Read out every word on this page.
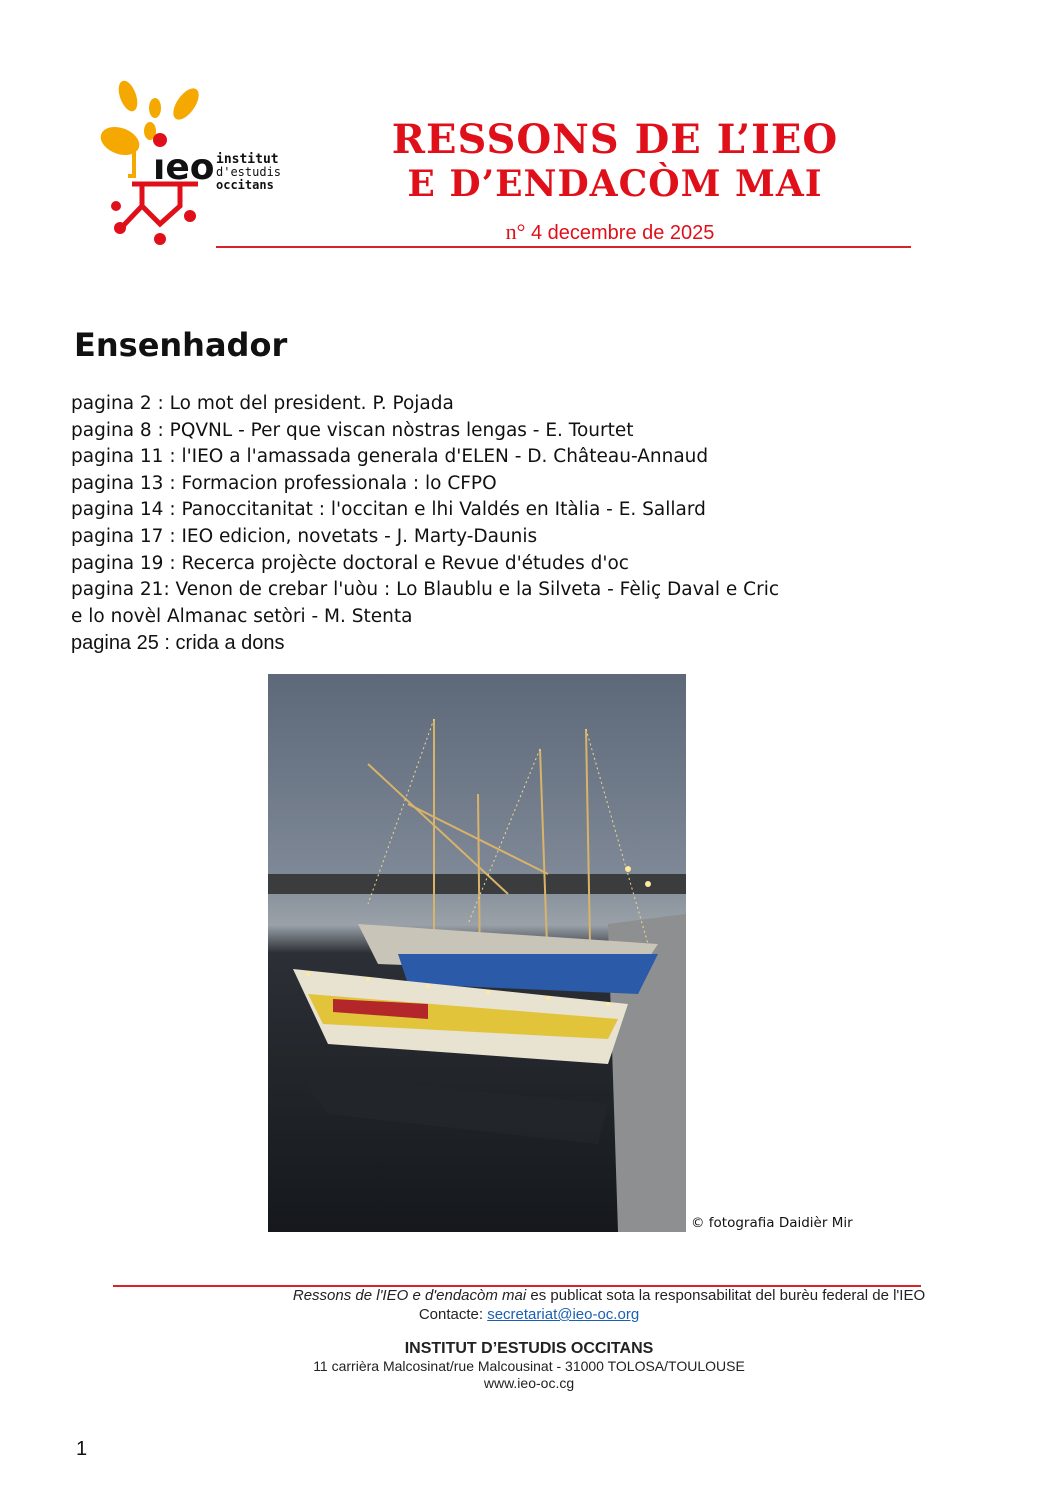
ıeo institut
d'estudis
occitans
RESSONS DE L’IEO
E D’ENDACÒM MAI
n° 4 decembre de 2025
Ensenhador
pagina 2 : Lo mot del president. P. Pojada
pagina 8 : PQVNL - Per que viscan nòstras lengas - E. Tourtet
pagina 11 : l'IEO a l'amassada generala d'ELEN - D. Château-Annaud
pagina 13 : Formacion professionala : lo CFPO
pagina 14 : Panoccitanitat : l'occitan e lhi Valdés en Itàlia - E. Sallard
pagina 17 : IEO edicion, novetats - J. Marty-Daunis
pagina 19 : Recerca projècte doctoral e Revue d'études d'oc
pagina 21: Venon de crebar l'uòu : Lo Blaublu e la Silveta - Fèliç Daval e Cric
e lo novèl Almanac setòri - M. Stenta
pagina 25 : crida a dons
© fotografia Daidièr Mir
Ressons de l'IEO e d'endacòm mai es publicat sota la responsabilitat del burèu federal de l'IEO
Contacte: secretariat@ieo-oc.org
INSTITUT D’ESTUDIS OCCITANS
11 carrièra Malcosinat/rue Malcousinat - 31000 TOLOSA/TOULOUSE
www.ieo-oc.cg
1
